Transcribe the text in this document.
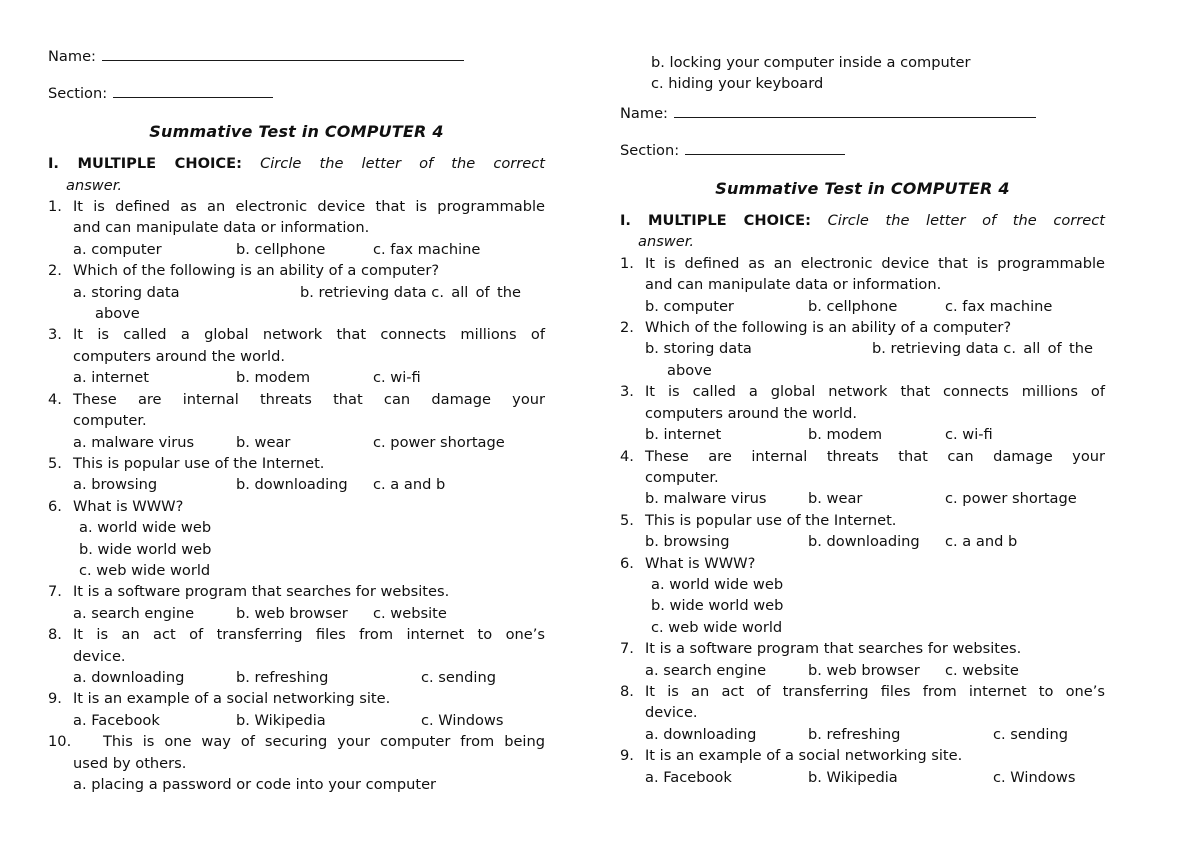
Name:
Section:
Summative Test in COMPUTER 4
I. MULTIPLE CHOICE: Circle the letter of the correct
answer.
1. It is defined as an electronic device that is programmable
and can manipulate data or information.
a. computer	b. cellphone	c. fax machine
2. Which of the following is an ability of a computer?
a. storing data	b. retrieving data c. all of the
above
3. It is called a global network that connects millions of
computers around the world.
a. internet	b. modem	c. wi-fi
4. These are internal threats that can damage your
computer.
a. malware virus	b. wear	c. power shortage
5. This is popular use of the Internet.
a. browsing	b. downloading c. a and b
6. What is WWW?
a. world wide web
b. wide world web
c. web wide world
7. It is a software program that searches for websites.
a. search engine	b. web browser c. website
8. It is an act of transferring files from internet to one’s
device.
a. downloading	b. refreshing	c. sending
9. It is an example of a social networking site.
a. Facebook	b. Wikipedia	c. Windows
10.	This is one way of securing your computer from being
used by others.
a. placing a password or code into your computer
b. locking your computer inside a computer
c. hiding your keyboard
Name:
Section:
Summative Test in COMPUTER 4
I. MULTIPLE CHOICE: Circle the letter of the correct
answer.
1. It is defined as an electronic device that is programmable
and can manipulate data or information.
b. computer	b. cellphone	c. fax machine
2. Which of the following is an ability of a computer?
b. storing data	b. retrieving data c. all of the
above
3. It is called a global network that connects millions of
computers around the world.
b. internet	b. modem	c. wi-fi
4. These are internal threats that can damage your
computer.
b. malware virus	b. wear	c. power shortage
5. This is popular use of the Internet.
b. browsing	b. downloading c. a and b
6. What is WWW?
a. world wide web
b. wide world web
c. web wide world
7. It is a software program that searches for websites.
a. search engine	b. web browser c. website
8. It is an act of transferring files from internet to one’s
device.
a. downloading	b. refreshing	c. sending
9. It is an example of a social networking site.
a. Facebook	b. Wikipedia	c. Windows
